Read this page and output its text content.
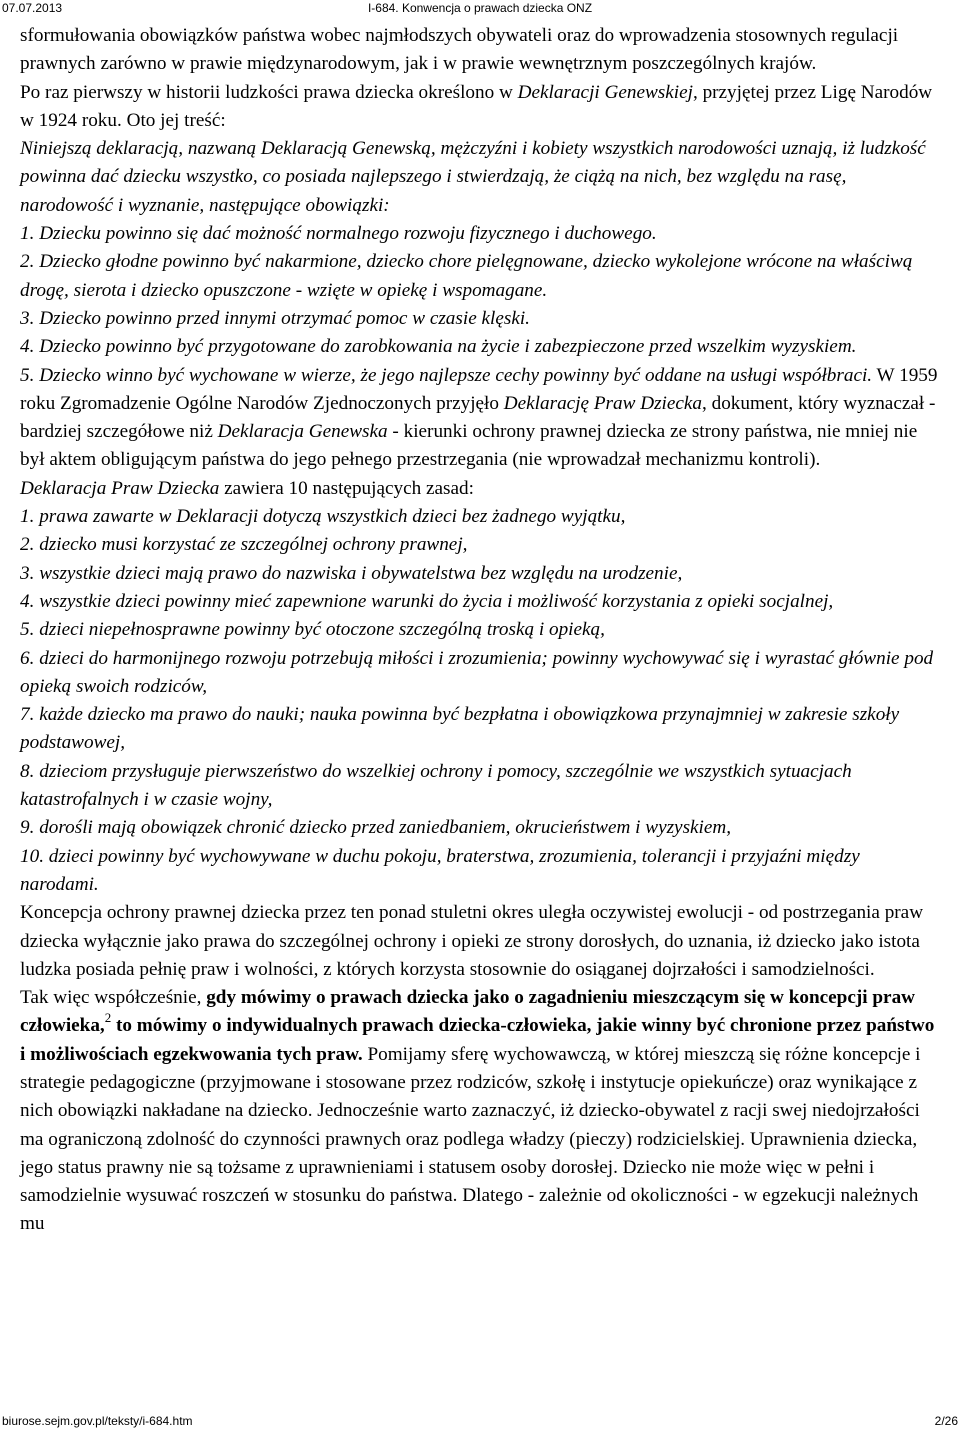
07.07.2013	I-684. Konwencja o prawach dziecka ONZ

sformułowania obowiązków państwa wobec najmłodszych obywateli oraz do wprowadzenia stosownych regulacji prawnych zarówno w prawie międzynarodowym, jak i w prawie wewnętrznym poszczególnych krajów.

Po raz pierwszy w historii ludzkości prawa dziecka określono w Deklaracji Genewskiej, przyjętej przez Ligę Narodów w 1924 roku. Oto jej treść:

Niniejszą deklaracją, nazwaną Deklaracją Genewską, mężczyźni i kobiety wszystkich narodowości uznają, iż ludzkość powinna dać dziecku wszystko, co posiada najlepszego i stwierdzają, że ciążą na nich, bez względu na rasę, narodowość i wyznanie, następujące obowiązki:

1. Dziecku powinno się dać możność normalnego rozwoju fizycznego i duchowego.

2. Dziecko głodne powinno być nakarmione, dziecko chore pielęgnowane, dziecko wykolejone wrócone na właściwą drogę, sierota i dziecko opuszczone - wzięte w opiekę i wspomagane.

3. Dziecko powinno przed innymi otrzymać pomoc w czasie klęski.

4. Dziecko powinno być przygotowane do zarobkowania na życie i zabezpieczone przed wszelkim wyzyskiem.

5. Dziecko winno być wychowane w wierze, że jego najlepsze cechy powinny być oddane na usługi współbraci. W 1959 roku Zgromadzenie Ogólne Narodów Zjednoczonych przyjęło Deklarację Praw Dziecka, dokument, który wyznaczał - bardziej szczegółowe niż Deklaracja Genewska - kierunki ochrony prawnej dziecka ze strony państwa, nie mniej nie był aktem obligującym państwa do jego pełnego przestrzegania (nie wprowadzał mechanizmu kontroli).

Deklaracja Praw Dziecka zawiera 10 następujących zasad:

1. prawa zawarte w Deklaracji dotyczą wszystkich dzieci bez żadnego wyjątku,

2. dziecko musi korzystać ze szczególnej ochrony prawnej,

3. wszystkie dzieci mają prawo do nazwiska i obywatelstwa bez względu na urodzenie,

4. wszystkie dzieci powinny mieć zapewnione warunki do życia i możliwość korzystania z opieki socjalnej,

5. dzieci niepełnosprawne powinny być otoczone szczególną troską i opieką,

6. dzieci do harmonijnego rozwoju potrzebują miłości i zrozumienia; powinny wychowywać się i wyrastać głównie pod opieką swoich rodziców,

7. każde dziecko ma prawo do nauki; nauka powinna być bezpłatna i obowiązkowa przynajmniej w zakresie szkoły podstawowej,

8. dzieciom przysługuje pierwszeństwo do wszelkiej ochrony i pomocy, szczególnie we wszystkich sytuacjach katastrofalnych i w czasie wojny,

9. dorośli mają obowiązek chronić dziecko przed zaniedbaniem, okrucieństwem i wyzyskiem,

10. dzieci powinny być wychowywane w duchu pokoju, braterstwa, zrozumienia, tolerancji i przyjaźni między narodami.

Koncepcja ochrony prawnej dziecka przez ten ponad stuletni okres uległa oczywistej ewolucji - od postrzegania praw dziecka wyłącznie jako prawa do szczególnej ochrony i opieki ze strony dorosłych, do uznania, iż dziecko jako istota ludzka posiada pełnię praw i wolności, z których korzysta stosownie do osiąganej dojrzałości i samodzielności.

Tak więc współcześnie, gdy mówimy o prawach dziecka jako o zagadnieniu mieszczącym się w koncepcji praw człowieka,$^2$ to mówimy o indywidualnych prawach dziecka-człowieka, jakie winny być chronione przez państwo i możliwościach egzekwowania tych praw. Pomijamy sferę wychowawczą, w której mieszczą się różne koncepcje i strategie pedagogiczne (przyjmowane i stosowane przez rodziców, szkołę i instytucje opiekuńcze) oraz wynikające z nich obowiązki nakładane na dziecko. Jednocześnie warto zaznaczyć, iż dziecko-obywatel z racji swej niedojrzałości ma ograniczoną zdolność do czynności prawnych oraz podlega władzy (pieczy) rodzicielskiej. Uprawnienia dziecka, jego status prawny nie są tożsame z uprawnieniami i statusem osoby dorosłej. Dziecko nie może więc w pełni i samodzielnie wysuwać roszczeń w stosunku do państwa. Dlatego - zależnie od okoliczności - w egzekucji należnych mu

biurose.sejm.gov.pl/teksty/i-684.htm	2/26
